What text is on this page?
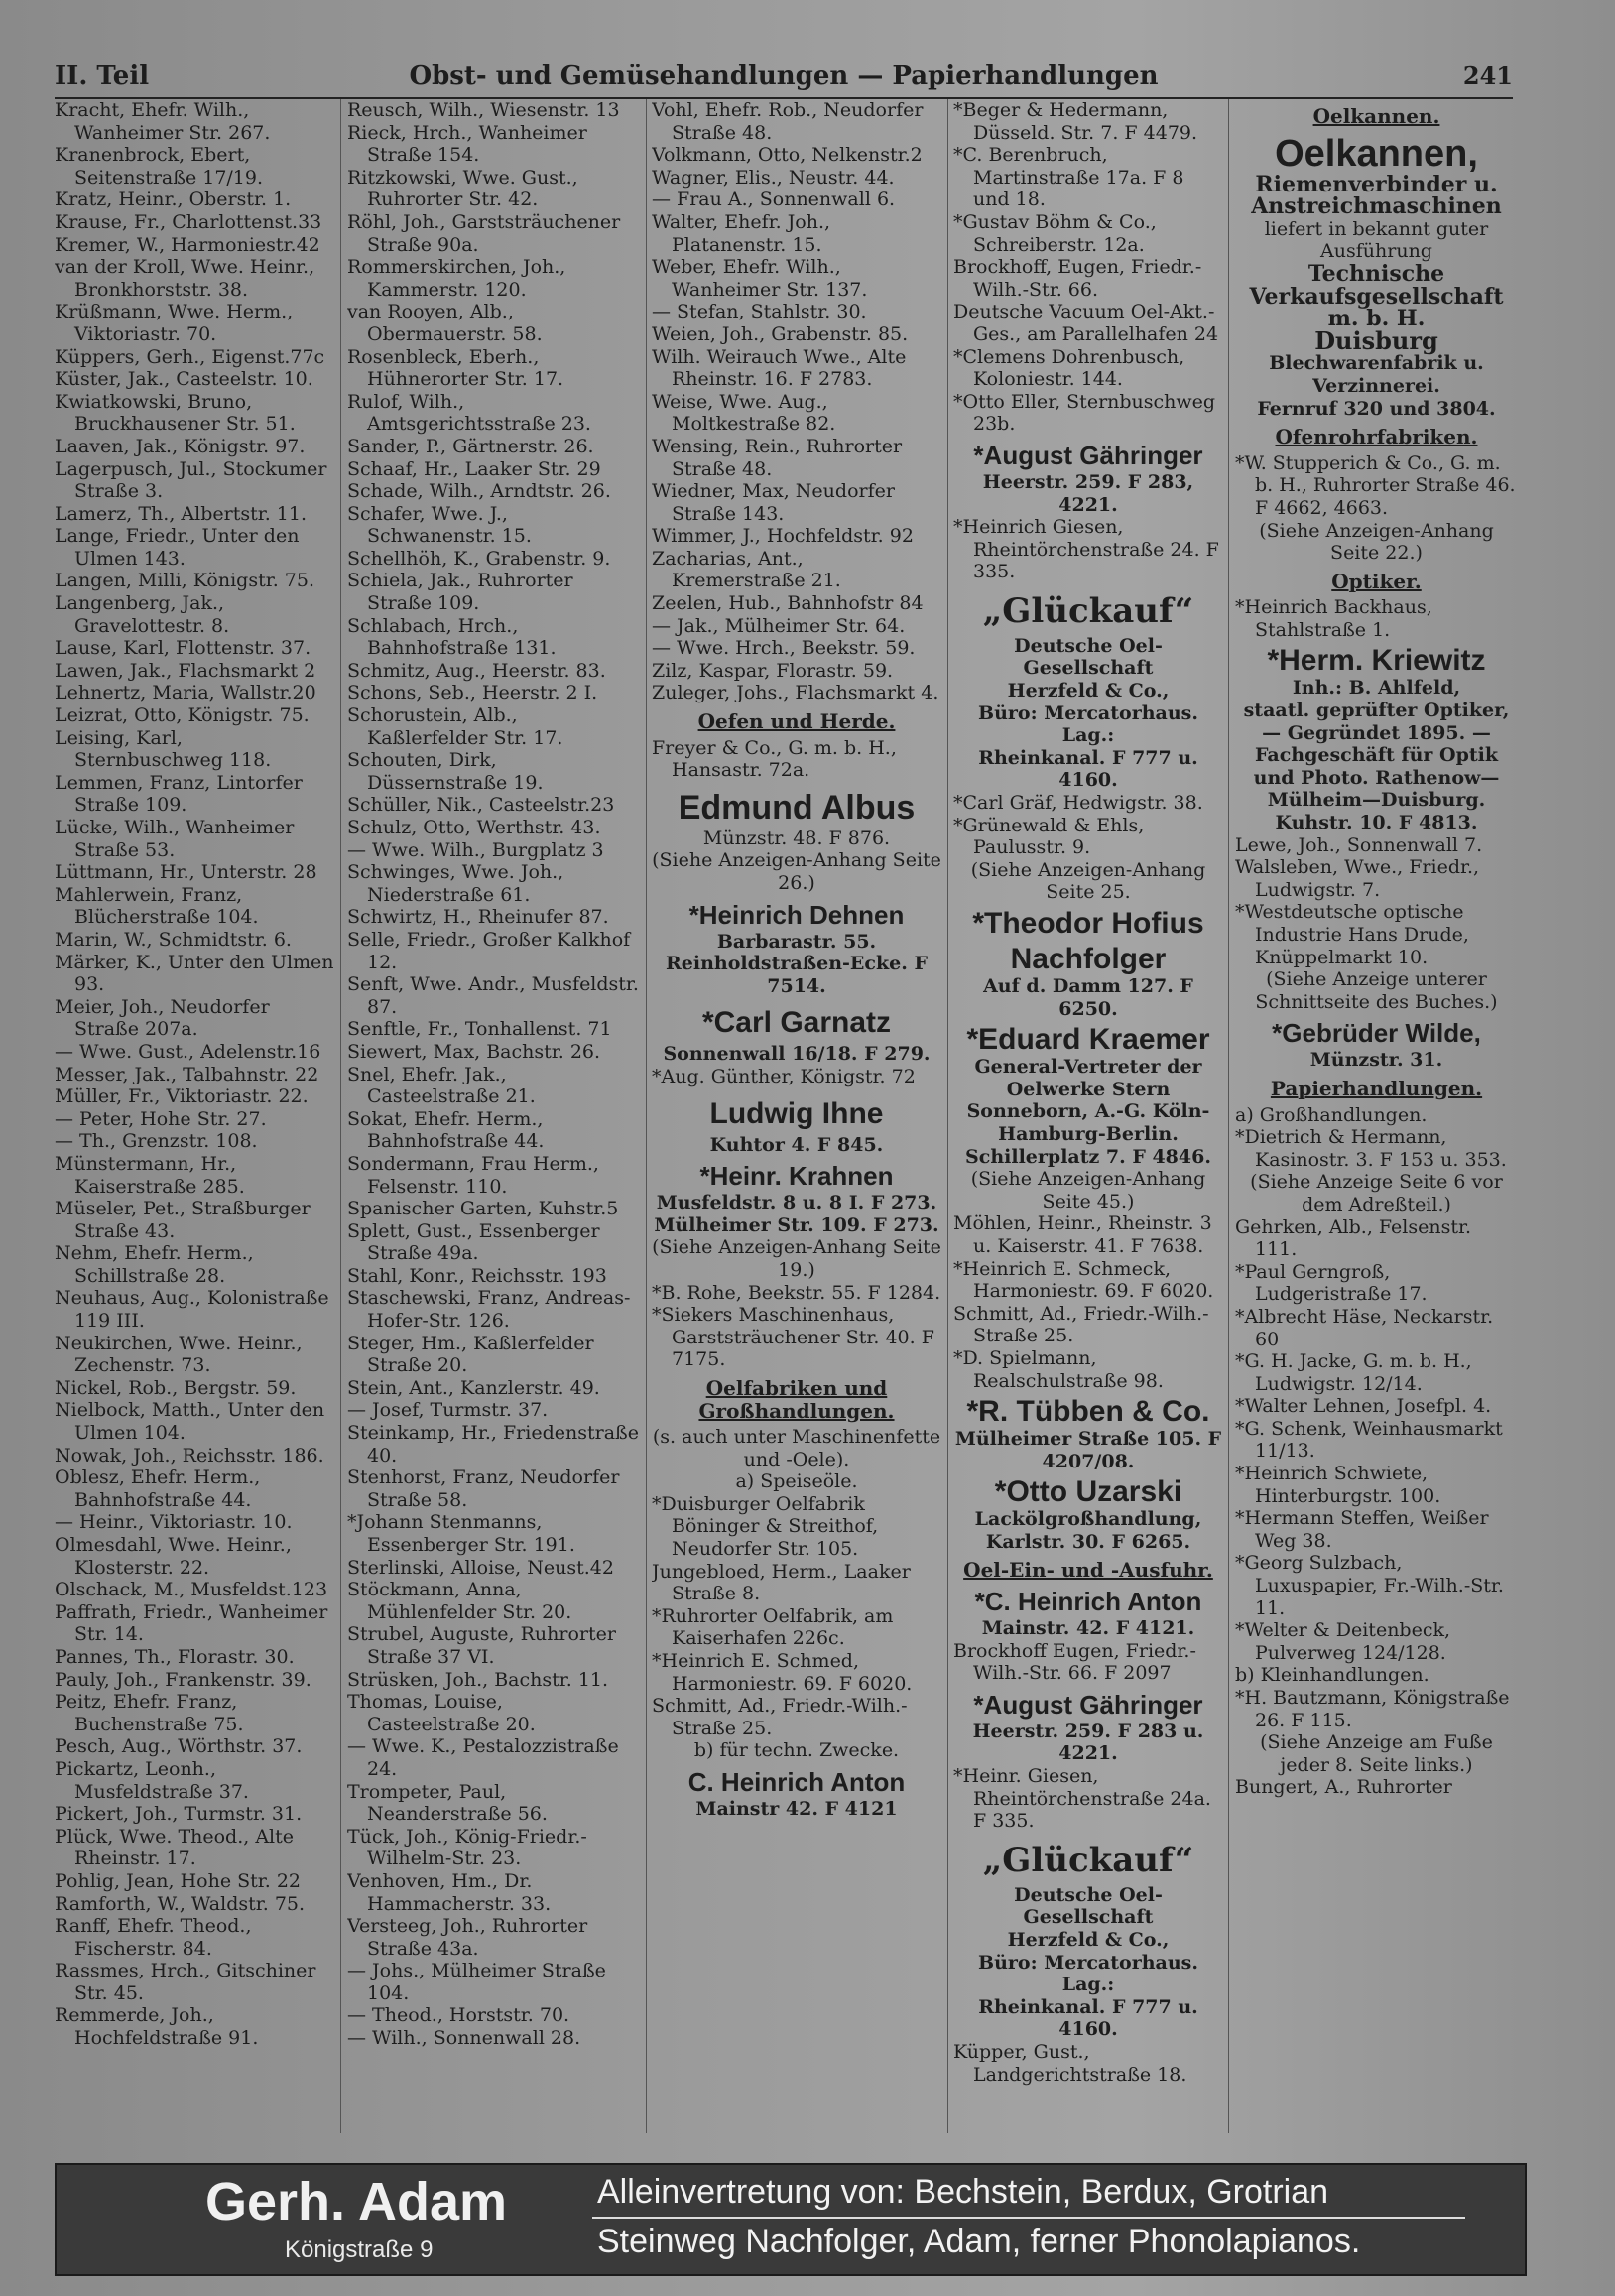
II. Teil	Obst- und Gemüsehandlungen — Papierhandlungen	241

Kracht, Ehefr. Wilh., Wanheimer Str. 267.

Kranenbrock, Ebert, Seitenstraße 17/19.

Kratz, Heinr., Oberstr. 1.

Krause, Fr., Charlottenst.33

Kremer, W., Harmoniestr.42

van der Kroll, Wwe. Heinr., Bronkhorststr. 38.

Krüßmann, Wwe. Herm., Viktoriastr. 70.

Küppers, Gerh., Eigenst.77c

Küster, Jak., Casteelstr. 10.

Kwiatkowski, Bruno, Bruckhausener Str. 51.

Laaven, Jak., Königstr. 97.

Lagerpusch, Jul., Stockumer Straße 3.

Lamerz, Th., Albertstr. 11.

Lange, Friedr., Unter den Ulmen 143.

Langen, Milli, Königstr. 75.

Langenberg, Jak., Gravelottestr. 8.

Lause, Karl, Flottenstr. 37.

Lawen, Jak., Flachsmarkt 2

Lehnertz, Maria, Wallstr.20

Leizrat, Otto, Königstr. 75.

Leising, Karl, Sternbuschweg 118.

Lemmen, Franz, Lintorfer Straße 109.

Lücke, Wilh., Wanheimer Straße 53.

Lüttmann, Hr., Unterstr. 28

Mahlerwein, Franz, Blücherstraße 104.

Marin, W., Schmidtstr. 6.

Märker, K., Unter den Ulmen 93.

Meier, Joh., Neudorfer Straße 207a.

— Wwe. Gust., Adelenstr.16

Messer, Jak., Talbahnstr. 22

Müller, Fr., Viktoriastr. 22.

— Peter, Hohe Str. 27.

— Th., Grenzstr. 108.

Münstermann, Hr., Kaiserstraße 285.

Müseler, Pet., Straßburger Straße 43.

Nehm, Ehefr. Herm., Schillstraße 28.

Neuhaus, Aug., Kolonistraße 119 III.

Neukirchen, Wwe. Heinr., Zechenstr. 73.

Nickel, Rob., Bergstr. 59.

Nielbock, Matth., Unter den Ulmen 104.

Nowak, Joh., Reichsstr. 186.

Oblesz, Ehefr. Herm., Bahnhofstraße 44.

— Heinr., Viktoriastr. 10.

Olmesdahl, Wwe. Heinr., Klosterstr. 22.

Olschack, M., Musfeldst.123

Paffrath, Friedr., Wanheimer Str. 14.

Pannes, Th., Florastr. 30.

Pauly, Joh., Frankenstr. 39.

Peitz, Ehefr. Franz, Buchenstraße 75.

Pesch, Aug., Wörthstr. 37.

Pickartz, Leonh., Musfeldstraße 37.

Pickert, Joh., Turmstr. 31.

Plück, Wwe. Theod., Alte Rheinstr. 17.

Pohlig, Jean, Hohe Str. 22

Ramforth, W., Waldstr. 75.

Ranff, Ehefr. Theod., Fischerstr. 84.

Rassmes, Hrch., Gitschiner Str. 45.

Remmerde, Joh., Hochfeldstraße 91.

Reusch, Wilh., Wiesenstr. 13

Rieck, Hrch., Wanheimer Straße 154.

Ritzkowski, Wwe. Gust., Ruhrorter Str. 42.

Röhl, Joh., Garststräuchener Straße 90a.

Rommerskirchen, Joh., Kammerstr. 120.

van Rooyen, Alb., Obermauerstr. 58.

Rosenbleck, Eberh., Hühnerorter Str. 17.

Rulof, Wilh., Amtsgerichtsstraße 23.

Sander, P., Gärtnerstr. 26.

Schaaf, Hr., Laaker Str. 29

Schade, Wilh., Arndtstr. 26.

Schafer, Wwe. J., Schwanenstr. 15.

Schellhöh, K., Grabenstr. 9.

Schiela, Jak., Ruhrorter Straße 109.

Schlabach, Hrch., Bahnhofstraße 131.

Schmitz, Aug., Heerstr. 83.

Schons, Seb., Heerstr. 2 I.

Schorustein, Alb., Kaßlerfelder Str. 17.

Schouten, Dirk, Düssernstraße 19.

Schüller, Nik., Casteelstr.23

Schulz, Otto, Werthstr. 43.

— Wwe. Wilh., Burgplatz 3

Schwinges, Wwe. Joh., Niederstraße 61.

Schwirtz, H., Rheinufer 87.

Selle, Friedr., Großer Kalkhof 12.

Senft, Wwe. Andr., Musfeldstr. 87.

Senftle, Fr., Tonhallenst. 71

Siewert, Max, Bachstr. 26.

Snel, Ehefr. Jak., Casteelstraße 21.

Sokat, Ehefr. Herm., Bahnhofstraße 44.

Sondermann, Frau Herm., Felsenstr. 110.

Spanischer Garten, Kuhstr.5

Splett, Gust., Essenberger Straße 49a.

Stahl, Konr., Reichsstr. 193

Staschewski, Franz, Andreas-Hofer-Str. 126.

Steger, Hm., Kaßlerfelder Straße 20.

Stein, Ant., Kanzlerstr. 49.

— Josef, Turmstr. 37.

Steinkamp, Hr., Friedenstraße 40.

Stenhorst, Franz, Neudorfer Straße 58.

*Johann Stenmanns, Essenberger Str. 191.

Sterlinski, Alloise, Neust.42

Stöckmann, Anna, Mühlenfelder Str. 20.

Strubel, Auguste, Ruhrorter Straße 37 VI.

Strüsken, Joh., Bachstr. 11.

Thomas, Louise, Casteelstraße 20.

— Wwe. K., Pestalozzistraße 24.

Trompeter, Paul, Neanderstraße 56.

Tück, Joh., König-Friedr.-Wilhelm-Str. 23.

Venhoven, Hm., Dr. Hammacherstr. 33.

Versteeg, Joh., Ruhrorter Straße 43a.

— Johs., Mülheimer Straße 104.

— Theod., Horststr. 70.

— Wilh., Sonnenwall 28.

Vohl, Ehefr. Rob., Neudorfer Straße 48.

Volkmann, Otto, Nelkenstr.2

Wagner, Elis., Neustr. 44.

— Frau A., Sonnenwall 6.

Walter, Ehefr. Joh., Platanenstr. 15.

Weber, Ehefr. Wilh., Wanheimer Str. 137.

— Stefan, Stahlstr. 30.

Weien, Joh., Grabenstr. 85.

Wilh. Weirauch Wwe., Alte Rheinstr. 16. F 2783.

Weise, Wwe. Aug., Moltkestraße 82.

Wensing, Rein., Ruhrorter Straße 48.

Wiedner, Max, Neudorfer Straße 143.

Wimmer, J., Hochfeldstr. 92

Zacharias, Ant., Kremerstraße 21.

Zeelen, Hub., Bahnhofstr 84

— Jak., Mülheimer Str. 64.

— Wwe. Hrch., Beekstr. 59.

Zilz, Kaspar, Florastr. 59.

Zuleger, Johs., Flachsmarkt 4.

Oefen und Herde.

Freyer & Co., G. m. b. H., Hansastr. 72a.

Edmund Albus

Münzstr. 48. F 876.

(Siehe Anzeigen-Anhang Seite 26.)

*Heinrich Dehnen

Barbarastr. 55. Reinholdstraßen-Ecke. F 7514.

*Carl Garnatz

Sonnenwall 16/18. F 279.

*Aug. Günther, Königstr. 72

Ludwig Ihne

Kuhtor 4. F 845.

*Heinr. Krahnen

Musfeldstr. 8 u. 8 I. F 273. Mülheimer Str. 109. F 273.

(Siehe Anzeigen-Anhang Seite 19.)

*B. Rohe, Beekstr. 55. F 1284.

*Siekers Maschinenhaus, Garststräuchener Str. 40. F 7175.

Oelfabriken und Großhandlungen.

(s. auch unter Maschinenfette und -Oele).

a) Speiseöle.

*Duisburger Oelfabrik Böninger & Streithof, Neudorfer Str. 105.

Jungebloed, Herm., Laaker Straße 8.

*Ruhrorter Oelfabrik, am Kaiserhafen 226c.

*Heinrich E. Schmed, Harmoniestr. 69. F 6020.

Schmitt, Ad., Friedr.-Wilh.-Straße 25.

b) für techn. Zwecke.

C. Heinrich Anton

Mainstr 42. F 4121

*Beger & Hedermann, Düsseld. Str. 7. F 4479.

*C. Berenbruch, Martinstraße 17a. F 8 und 18.

*Gustav Böhm & Co., Schreiberstr. 12a.

Brockhoff, Eugen, Friedr.-Wilh.-Str. 66.

Deutsche Vacuum Oel-Akt.-Ges., am Parallelhafen 24

*Clemens Dohrenbusch, Koloniestr. 144.

*Otto Eller, Sternbuschweg 23b.

*August Gähringer

Heerstr. 259. F 283, 4221.

*Heinrich Giesen, Rheintörchenstraße 24. F 335.

„Glückauf“

Deutsche Oel-Gesellschaft

Herzfeld & Co.,

Büro: Mercatorhaus. Lag.:

Rheinkanal. F 777 u. 4160.

*Carl Gräf, Hedwigstr. 38.

*Grünewald & Ehls, Paulusstr. 9.

(Siehe Anzeigen-Anhang Seite 25.

*Theodor Hofius

Nachfolger

Auf d. Damm 127. F 6250.

*Eduard Kraemer

General-Vertreter der Oelwerke Stern Sonneborn, A.-G. Köln-Hamburg-Berlin. Schillerplatz 7. F 4846.

(Siehe Anzeigen-Anhang Seite 45.)

Möhlen, Heinr., Rheinstr. 3 u. Kaiserstr. 41. F 7638.

*Heinrich E. Schmeck, Harmoniestr. 69. F 6020.

Schmitt, Ad., Friedr.-Wilh.-Straße 25.

*D. Spielmann, Realschulstraße 98.

*R. Tübben & Co.

Mülheimer Straße 105. F 4207/08.

*Otto Uzarski

Lackölgroßhandlung,

Karlstr. 30. F 6265.

Oel-Ein- und -Ausfuhr.

*C. Heinrich Anton

Mainstr. 42. F 4121.

Brockhoff Eugen, Friedr.-Wilh.-Str. 66. F 2097

*August Gähringer

Heerstr. 259. F 283 u. 4221.

*Heinr. Giesen, Rheintörchenstraße 24a. F 335.

„Glückauf“

Deutsche Oel-Gesellschaft

Herzfeld & Co.,

Büro: Mercatorhaus. Lag.:

Rheinkanal. F 777 u. 4160.

Küpper, Gust., Landgerichtstraße 18.

Oelkannen.

Oelkannen,

Riemenverbinder u.

Anstreichmaschinen

liefert in bekannt guter Ausführung

Technische Verkaufsgesellschaft m. b. H.

Duisburg

Blechwarenfabrik u. Verzinnerei.

Fernruf 320 und 3804.

Ofenrohrfabriken.

*W. Stupperich & Co., G. m. b. H., Ruhrorter Straße 46. F 4662, 4663.

(Siehe Anzeigen-Anhang Seite 22.)

Optiker.

*Heinrich Backhaus, Stahlstraße 1.

*Herm. Kriewitz

Inh.: B. Ahlfeld,

staatl. geprüfter Optiker,

— Gegründet 1895. —

Fachgeschäft für Optik und Photo. Rathenow—Mülheim—Duisburg.

Kuhstr. 10. F 4813.

Lewe, Joh., Sonnenwall 7.

Walsleben, Wwe., Friedr., Ludwigstr. 7.

*Westdeutsche optische Industrie Hans Drude, Knüppelmarkt 10.

(Siehe Anzeige unterer Schnittseite des Buches.)

*Gebrüder Wilde,

Münzstr. 31.

Papierhandlungen.

a) Großhandlungen.

*Dietrich & Hermann, Kasinostr. 3. F 153 u. 353.

(Siehe Anzeige Seite 6 vor dem Adreßteil.)

Gehrken, Alb., Felsenstr. 111.

*Paul Gerngroß, Ludgeristraße 17.

*Albrecht Häse, Neckarstr. 60

*G. H. Jacke, G. m. b. H., Ludwigstr. 12/14.

*Walter Lehnen, Josefpl. 4.

*G. Schenk, Weinhausmarkt 11/13.

*Heinrich Schwiete, Hinterburgstr. 100.

*Hermann Steffen, Weißer Weg 38.

*Georg Sulzbach, Luxuspapier, Fr.-Wilh.-Str. 11.

*Welter & Deitenbeck, Pulverweg 124/128.

b) Kleinhandlungen.

*H. Bautzmann, Königstraße 26. F 115.

(Siehe Anzeige am Fuße jeder 8. Seite links.)

Bungert, A., Ruhrorter

Gerh. Adam
Königstraße 9
Alleinvertretung von: Bechstein, Berdux, Grotrian
Steinweg Nachfolger, Adam, ferner Phonolapianos.
